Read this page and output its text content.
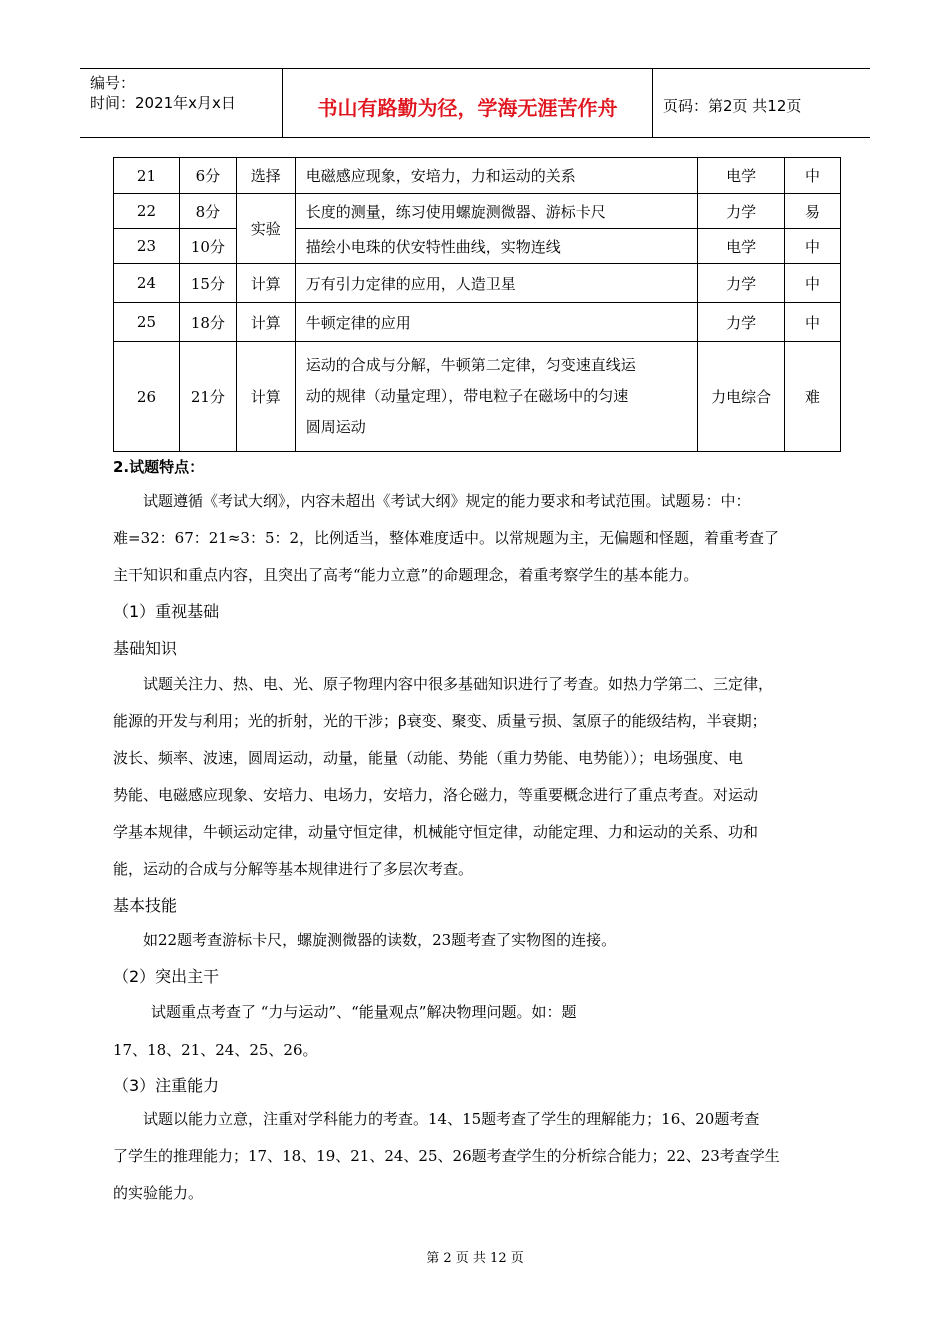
编号：
时间：2021年x月x日	书山有路勤为径，学海无涯苦作舟	页码：第2页 共12页
21	6分	选择	电磁感应现象，安培力，力和运动的关系	电学	中
22	8分	实验	长度的测量，练习使用螺旋测微器、游标卡尺	力学	易
23	10分		描绘小电珠的伏安特性曲线，实物连线	电学	中
24	15分	计算	万有引力定律的应用，人造卫星	力学	中
25	18分	计算	牛顿定律的应用	力学	中
26	21分	计算	运动的合成与分解，牛顿第二定律，匀变速直线运
动的规律（动量定理），带电粒子在磁场中的匀速
圆周运动	力电综合	难
2.试题特点：
试题遵循《考试大纲》，内容未超出《考试大纲》规定的能力要求和考试范围。试题易：中：
难=32：67：21≈3：5：2，比例适当，整体难度适中。以常规题为主，无偏题和怪题，着重考查了
主干知识和重点内容，且突出了高考“能力立意”的命题理念，着重考察学生的基本能力。
（1）重视基础
基础知识
试题关注力、热、电、光、原子物理内容中很多基础知识进行了考查。如热力学第二、三定律，
能源的开发与利用；光的折射，光的干涉；β衰变、聚变、质量亏损、氢原子的能级结构，半衰期；
波长、频率、波速，圆周运动，动量，能量（动能、势能（重力势能、电势能））；电场强度、电
势能、电磁感应现象、安培力、电场力，安培力，洛仑磁力，等重要概念进行了重点考查。对运动
学基本规律，牛顿运动定律，动量守恒定律，机械能守恒定律，动能定理、力和运动的关系、功和
能，运动的合成与分解等基本规律进行了多层次考查。
基本技能
如22题考查游标卡尺，螺旋测微器的读数，23题考查了实物图的连接。
（2）突出主干
试题重点考查了 “力与运动”、“能量观点”解决物理问题。如：题
17、18、21、24、25、26。
（3）注重能力
试题以能力立意，注重对学科能力的考查。14、15题考查了学生的理解能力；16、20题考查
了学生的推理能力；17、18、19、21、24、25、26题考查学生的分析综合能力；22、23考查学生
的实验能力。
第 2 页 共 12 页
